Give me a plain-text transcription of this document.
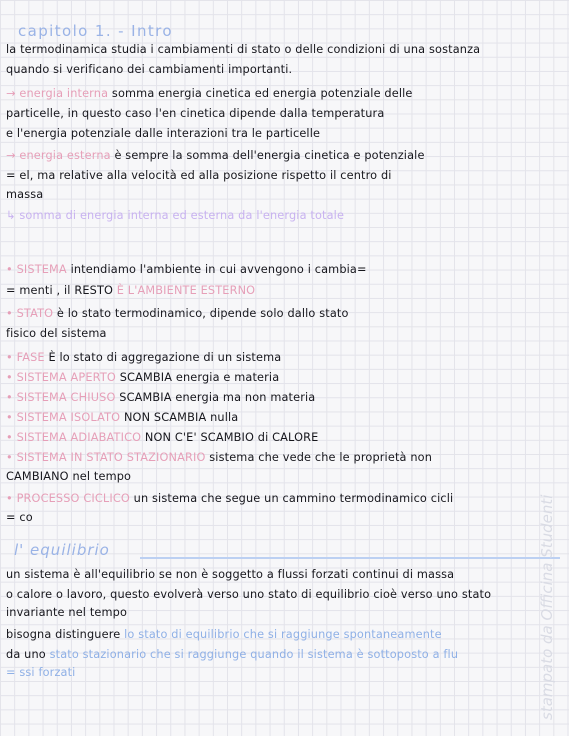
capitolo 1. - Intro
la termodinamica studia i cambiamenti di stato o delle condizioni di una sostanza
quando si verificano dei cambiamenti importanti.
→ energia interna somma energia cinetica ed energia potenziale delle
particelle, in questo caso l'en cinetica dipende dalla temperatura
e l'energia potenziale dalle interazioni tra le particelle
→ energia esterna è sempre la somma dell'energia cinetica e potenziale
= el, ma relative alla velocità ed alla posizione rispetto il centro di
massa
↳ somma di energia interna ed esterna da l'energia totale
• SISTEMA intendiamo l'ambiente in cui avvengono i cambia=
= menti , il RESTO È L'AMBIENTE ESTERNO
• STATO è lo stato termodinamico, dipende solo dallo stato
fisico del sistema
• FASE È lo stato di aggregazione di un sistema
• SISTEMA APERTO SCAMBIA energia e materia
• SISTEMA CHIUSO SCAMBIA energia ma non materia
• SISTEMA ISOLATO NON SCAMBIA nulla
• SISTEMA ADIABATICO NON C'E' SCAMBIO di CALORE
• SISTEMA IN STATO STAZIONARIO sistema che vede che le proprietà non
CAMBIANO nel tempo
• PROCESSO CICLICO un sistema che segue un cammino termodinamico cicli
= co
l' equilibrio
un sistema è all'equilibrio se non è soggetto a flussi forzati continui di massa
o calore o lavoro, questo evolverà verso uno stato di equilibrio cioè verso uno stato
invariante nel tempo
bisogna distinguere lo stato di equilibrio che si raggiunge spontaneamente
da uno stato stazionario che si raggiunge quando il sistema è sottoposto a flu
= ssi forzati	stampato da Officina Studenti
